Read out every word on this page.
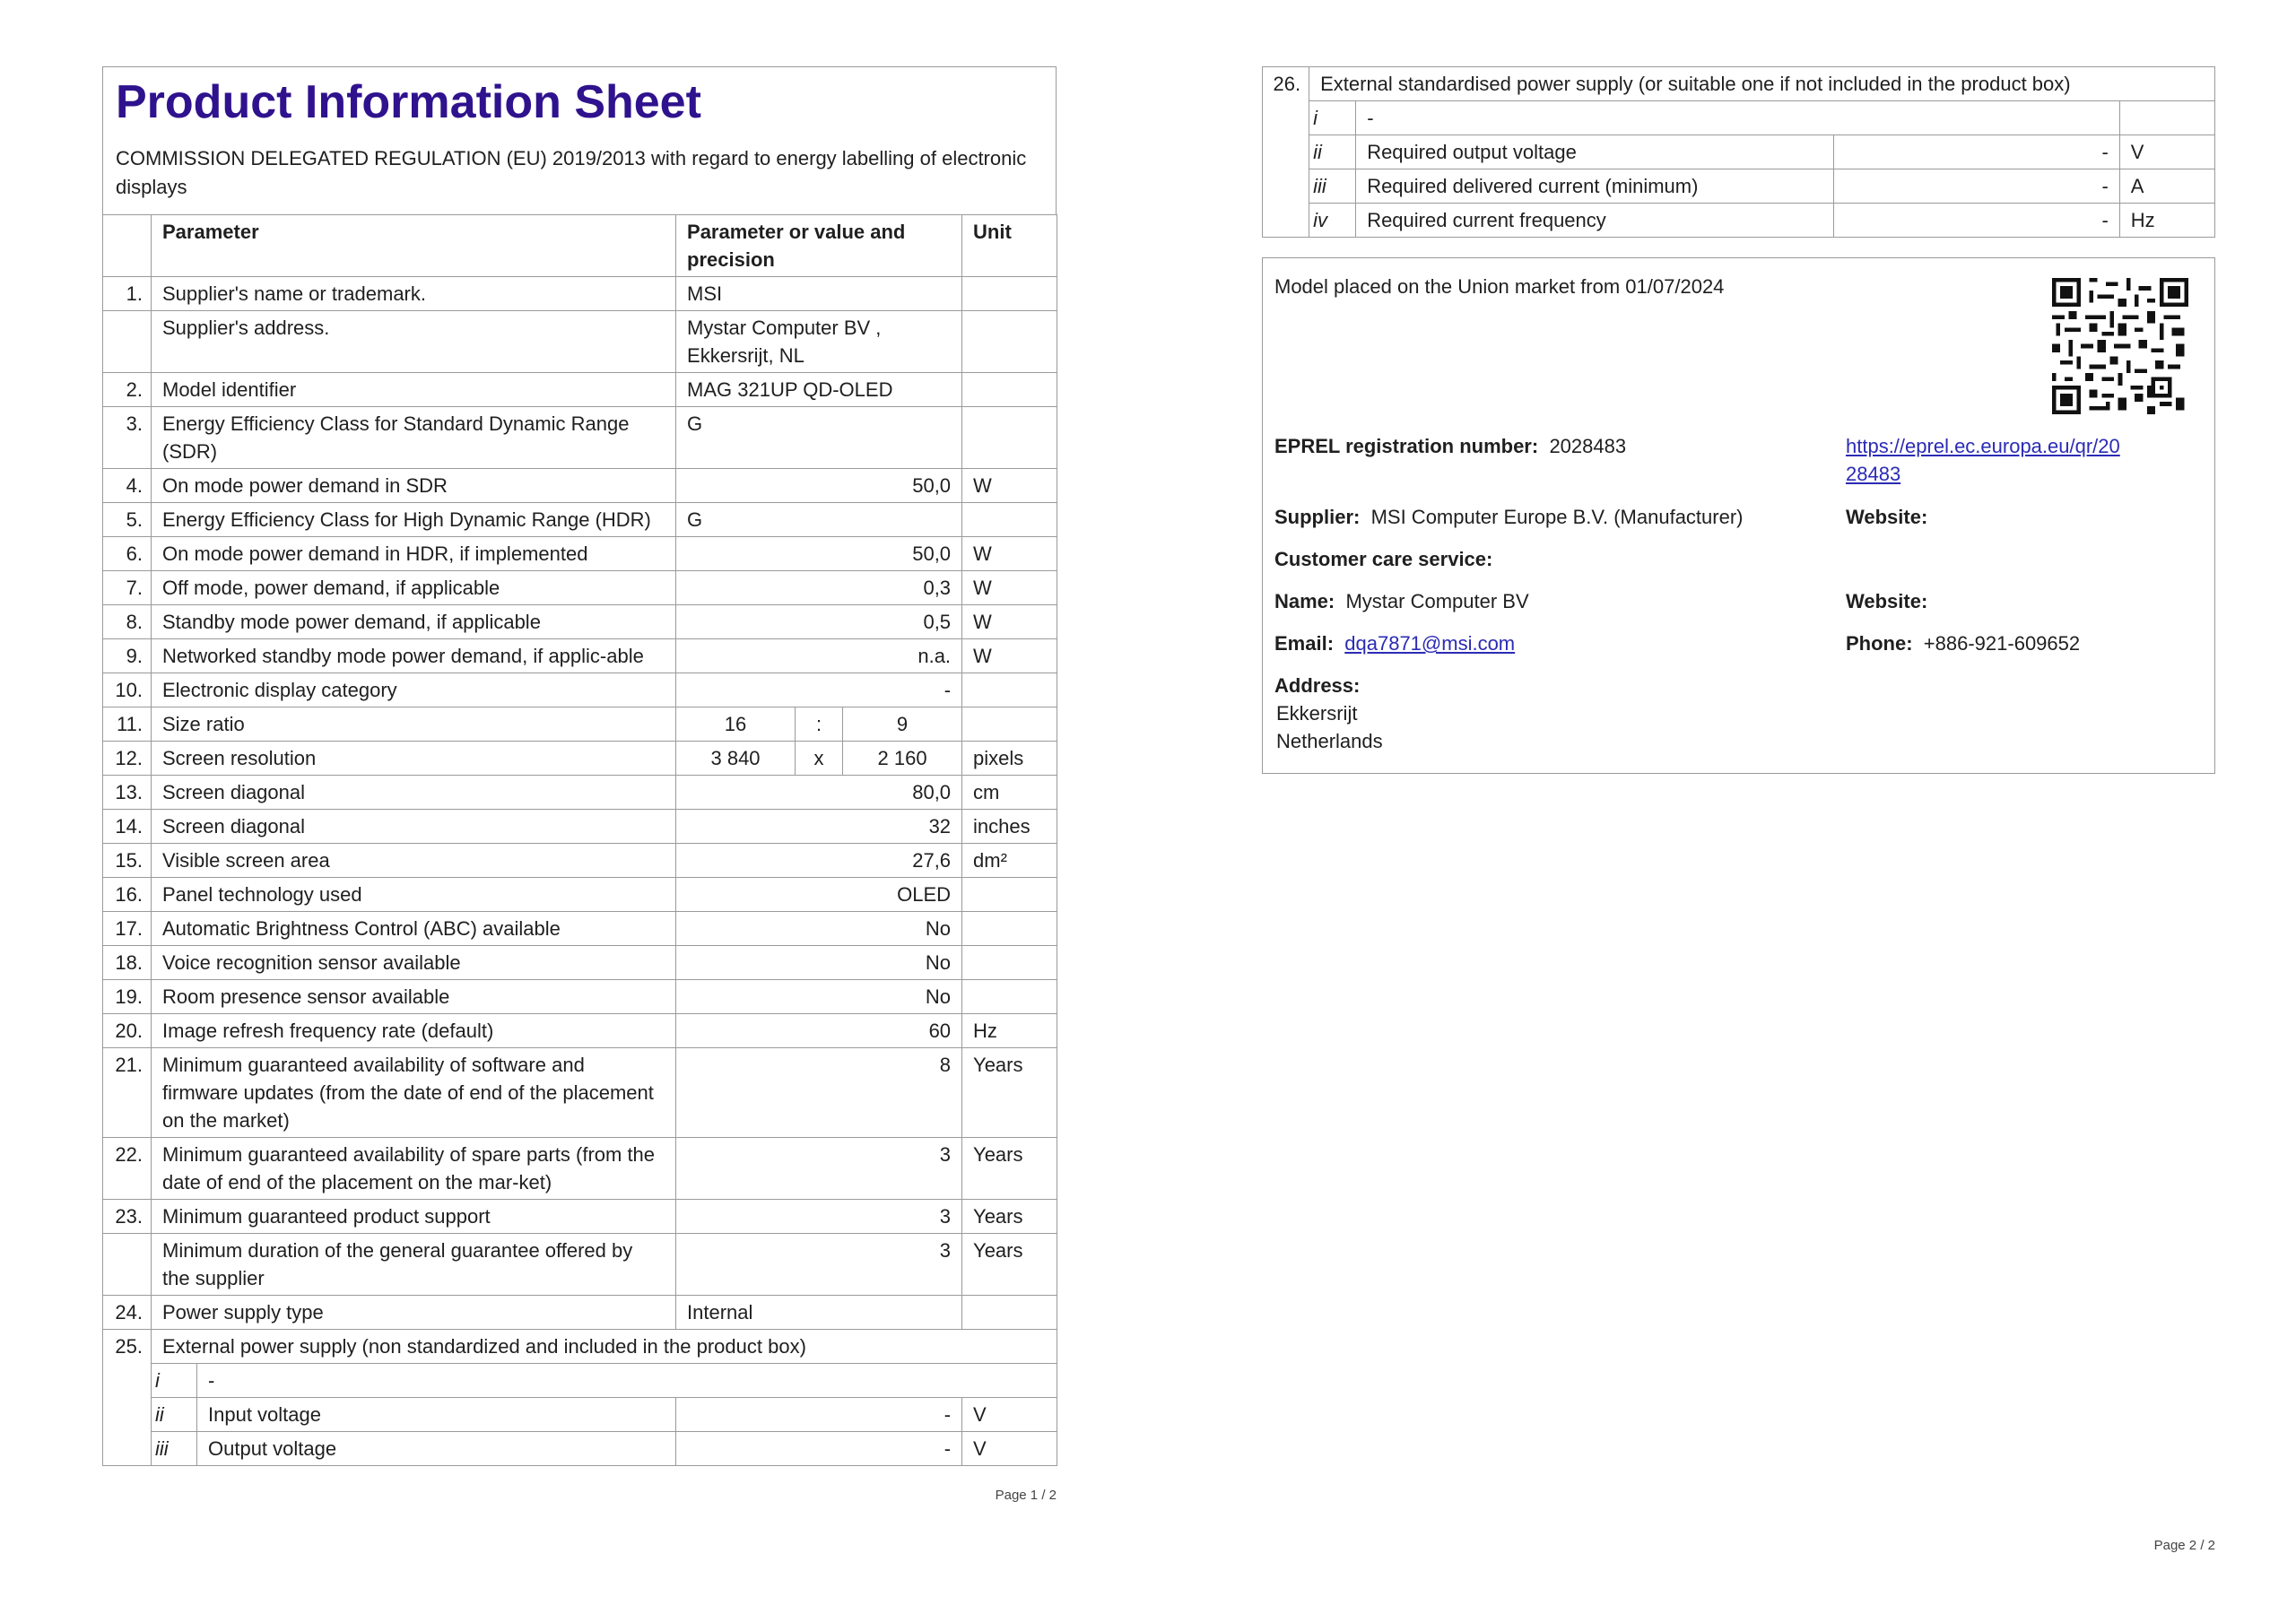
Product Information Sheet
COMMISSION DELEGATED REGULATION (EU) 2019/2013 with regard to energy labelling of electronic displays
	Parameter		Parameter or value and precision			Unit
1.	Supplier's name or trademark.		MSI			
	Supplier's address.		Mystar Computer BV , Ekkersrijt, NL			
2.	Model identifier		MAG 321UP QD-OLED			
3.	Energy Efficiency Class for Standard Dynamic Range (SDR)		G			
4.	On mode power demand in SDR		50,0			W
5.	Energy Efficiency Class for High Dynamic Range (HDR)		G			
6.	On mode power demand in HDR, if implemented		50,0			W
7.	Off mode, power demand, if applicable		0,3			W
8.	Standby mode power demand, if applicable		0,5			W
9.	Networked standby mode power demand, if applic-able		n.a.			W
10.	Electronic display category		-			
11.	Size ratio		16	:	9	
12.	Screen resolution		3 840	x	2 160	pixels
13.	Screen diagonal		80,0			cm
14.	Screen diagonal		32			inches
15.	Visible screen area		27,6			dm²
16.	Panel technology used		OLED			
17.	Automatic Brightness Control (ABC) available		No			
18.	Voice recognition sensor available		No			
19.	Room presence sensor available		No			
20.	Image refresh frequency rate (default)		60			Hz
21.	Minimum guaranteed availability of software and firmware updates (from the date of end of the placement on the market)		8			Years
22.	Minimum guaranteed availability of spare parts (from the date of end of the placement on the mar-ket)		3			Years
23.	Minimum guaranteed product support		3			Years
	Minimum duration of the general guarantee offered by the supplier		3			Years
24.	Power supply type		Internal			
25.	External power supply (non standardized and included in the product box)					
	i	-				
	ii	Input voltage	-			V
	iii	Output voltage	-			V
Page 1 / 2
26.	External standardised power supply (or suitable one if not included in the product box)			
	i	-		
	ii	Required output voltage	-	V
	iii	Required delivered current (minimum)	-	A
	iv	Required current frequency	-	Hz
Model placed on the Union market from 01/07/2024
EPREL registration number: 2028483	https://eprel.ec.europa.eu/qr/20
28483
Supplier: MSI Computer Europe B.V. (Manufacturer)	Website:
Customer care service:
Name: Mystar Computer BV	Website:
Email: dqa7871@msi.com	Phone: +886-921-609652
Address:
Ekkersrijt
Netherlands
Page 2 / 2
